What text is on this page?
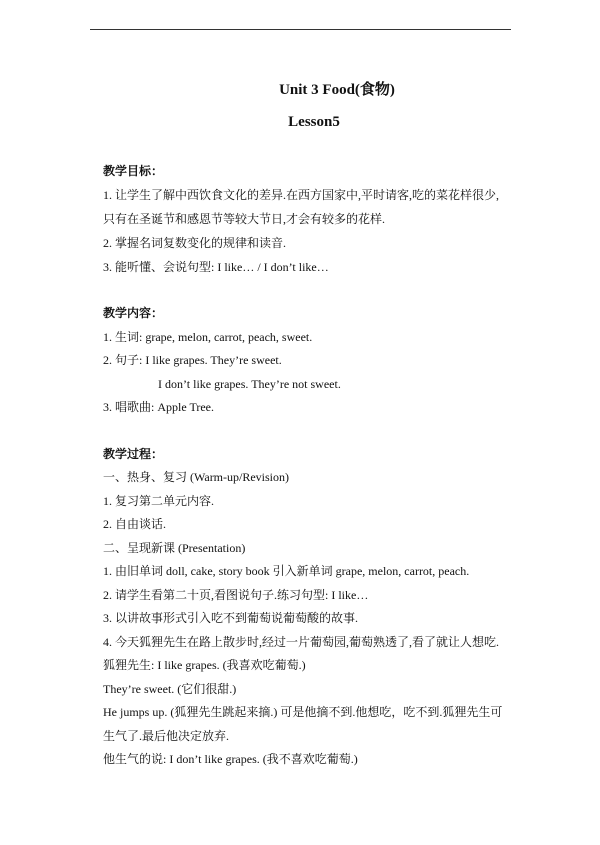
Unit 3 Food(食物)
Lesson5
教学目标：
1. 让学生了解中西饮食文化的差异.在西方国家中,平时请客,吃的菜花样很少,
只有在圣诞节和感恩节等较大节日,才会有较多的花样.
2. 掌握名词复数变化的规律和读音.
3. 能听懂、会说句型: I like… / I don’t like…
教学内容：
1. 生词: grape, melon, carrot, peach, sweet.
2. 句子: I like grapes. They’re sweet.
I don’t like grapes. They’re not sweet.
3. 唱歌曲: Apple Tree.
教学过程：
一、热身、复习 (Warm-up/Revision)
1. 复习第二单元内容.
2. 自由谈话.
二、呈现新课 (Presentation)
1. 由旧单词 doll, cake, story book 引入新单词 grape, melon, carrot, peach.
2. 请学生看第二十页,看图说句子.练习句型: I like…
3. 以讲故事形式引入吃不到葡萄说葡萄酸的故事.
4. 今天狐狸先生在路上散步时,经过一片葡萄园,葡萄熟透了,看了就让人想吃.
狐狸先生: I like grapes. (我喜欢吃葡萄.)
They’re sweet. (它们很甜.)
He jumps up. (狐狸先生跳起来摘.) 可是他摘不到.他想吃，吃不到.狐狸先生可
生气了.最后他决定放弃.
他生气的说: I don’t like grapes. (我不喜欢吃葡萄.)
